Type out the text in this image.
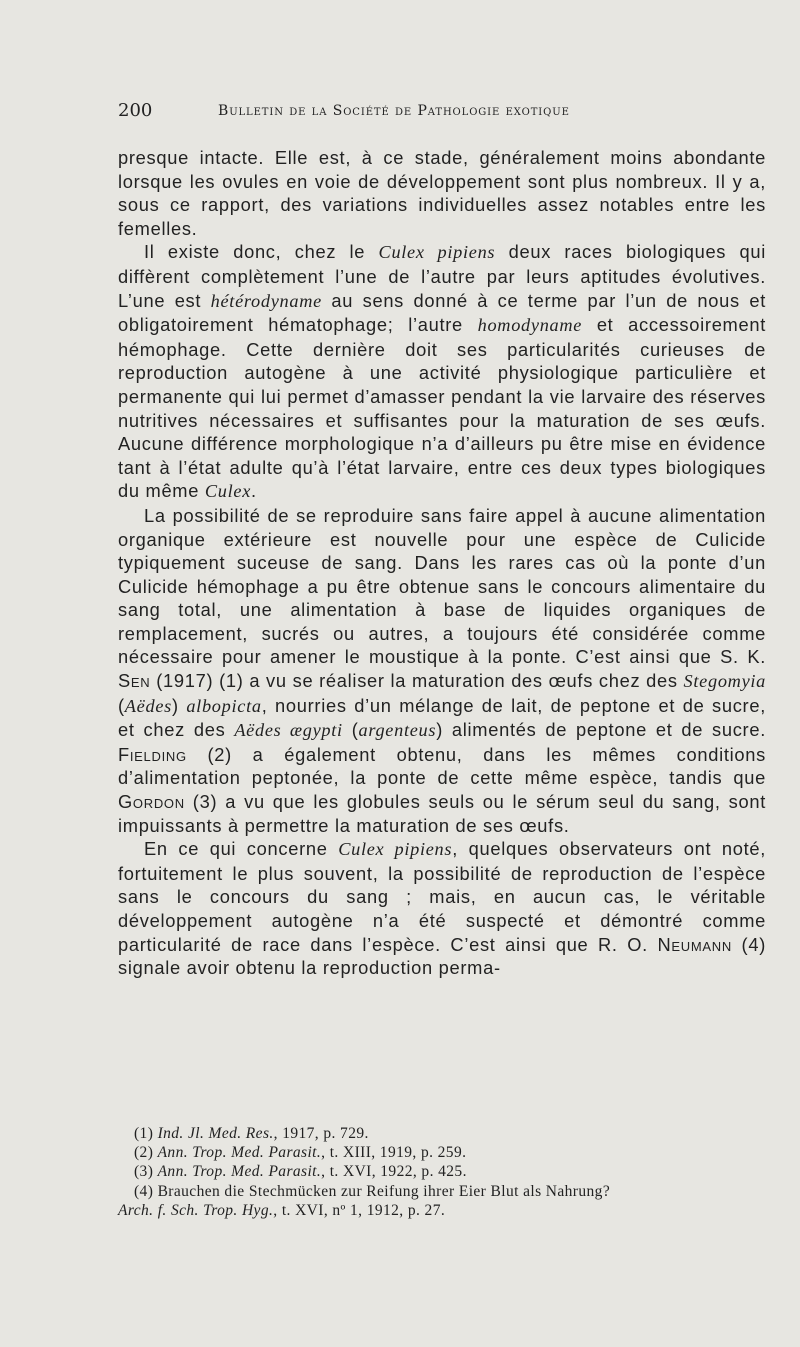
200	Bulletin de la Société de Pathologie exotique

presque intacte. Elle est, à ce stade, généralement moins abondante lorsque les ovules en voie de développement sont plus nombreux. Il y a, sous ce rapport, des variations individuelles assez notables entre les femelles.

Il existe donc, chez le Culex pipiens deux races biologiques qui diffèrent complètement l’une de l’autre par leurs aptitudes évolutives. L’une est hétérodyname au sens donné à ce terme par l’un de nous et obligatoirement hématophage; l’autre homodyname et accessoirement hémophage. Cette dernière doit ses particularités curieuses de reproduction autogène à une activité physiologique particulière et permanente qui lui permet d’amasser pendant la vie larvaire des réserves nutritives nécessaires et suffisantes pour la maturation de ses œufs. Aucune différence morphologique n’a d’ailleurs pu être mise en évidence tant à l’état adulte qu’à l’état larvaire, entre ces deux types biologiques du même Culex.

La possibilité de se reproduire sans faire appel à aucune alimentation organique extérieure est nouvelle pour une espèce de Culicide typiquement suceuse de sang. Dans les rares cas où la ponte d’un Culicide hémophage a pu être obtenue sans le concours alimentaire du sang total, une alimentation à base de liquides organiques de remplacement, sucrés ou autres, a toujours été considérée comme nécessaire pour amener le moustique à la ponte. C’est ainsi que S. K. Sen (1917) (1) a vu se réaliser la maturation des œufs chez des Stegomyia (Aëdes) albopicta, nourries d’un mélange de lait, de peptone et de sucre, et chez des Aëdes ægypti (argenteus) alimentés de peptone et de sucre. Fielding (2) a également obtenu, dans les mêmes conditions d’alimentation peptonée, la ponte de cette même espèce, tandis que Gordon (3) a vu que les globules seuls ou le sérum seul du sang, sont impuissants à permettre la maturation de ses œufs.

En ce qui concerne Culex pipiens, quelques observateurs ont noté, fortuitement le plus souvent, la possibilité de reproduction de l’espèce sans le concours du sang ; mais, en aucun cas, le véritable développement autogène n’a été suspecté et démontré comme particularité de race dans l’espèce. C’est ainsi que R. O. Neumann (4) signale avoir obtenu la reproduction perma-

(1) Ind. Jl. Med. Res., 1917, p. 729.
(2) Ann. Trop. Med. Parasit., t. XIII, 1919, p. 259.
(3) Ann. Trop. Med. Parasit., t. XVI, 1922, p. 425.
(4) Brauchen die Stechmücken zur Reifung ihrer Eier Blut als Nahrung?
Arch. f. Sch. Trop. Hyg., t. XVI, nº 1, 1912, p. 27.
